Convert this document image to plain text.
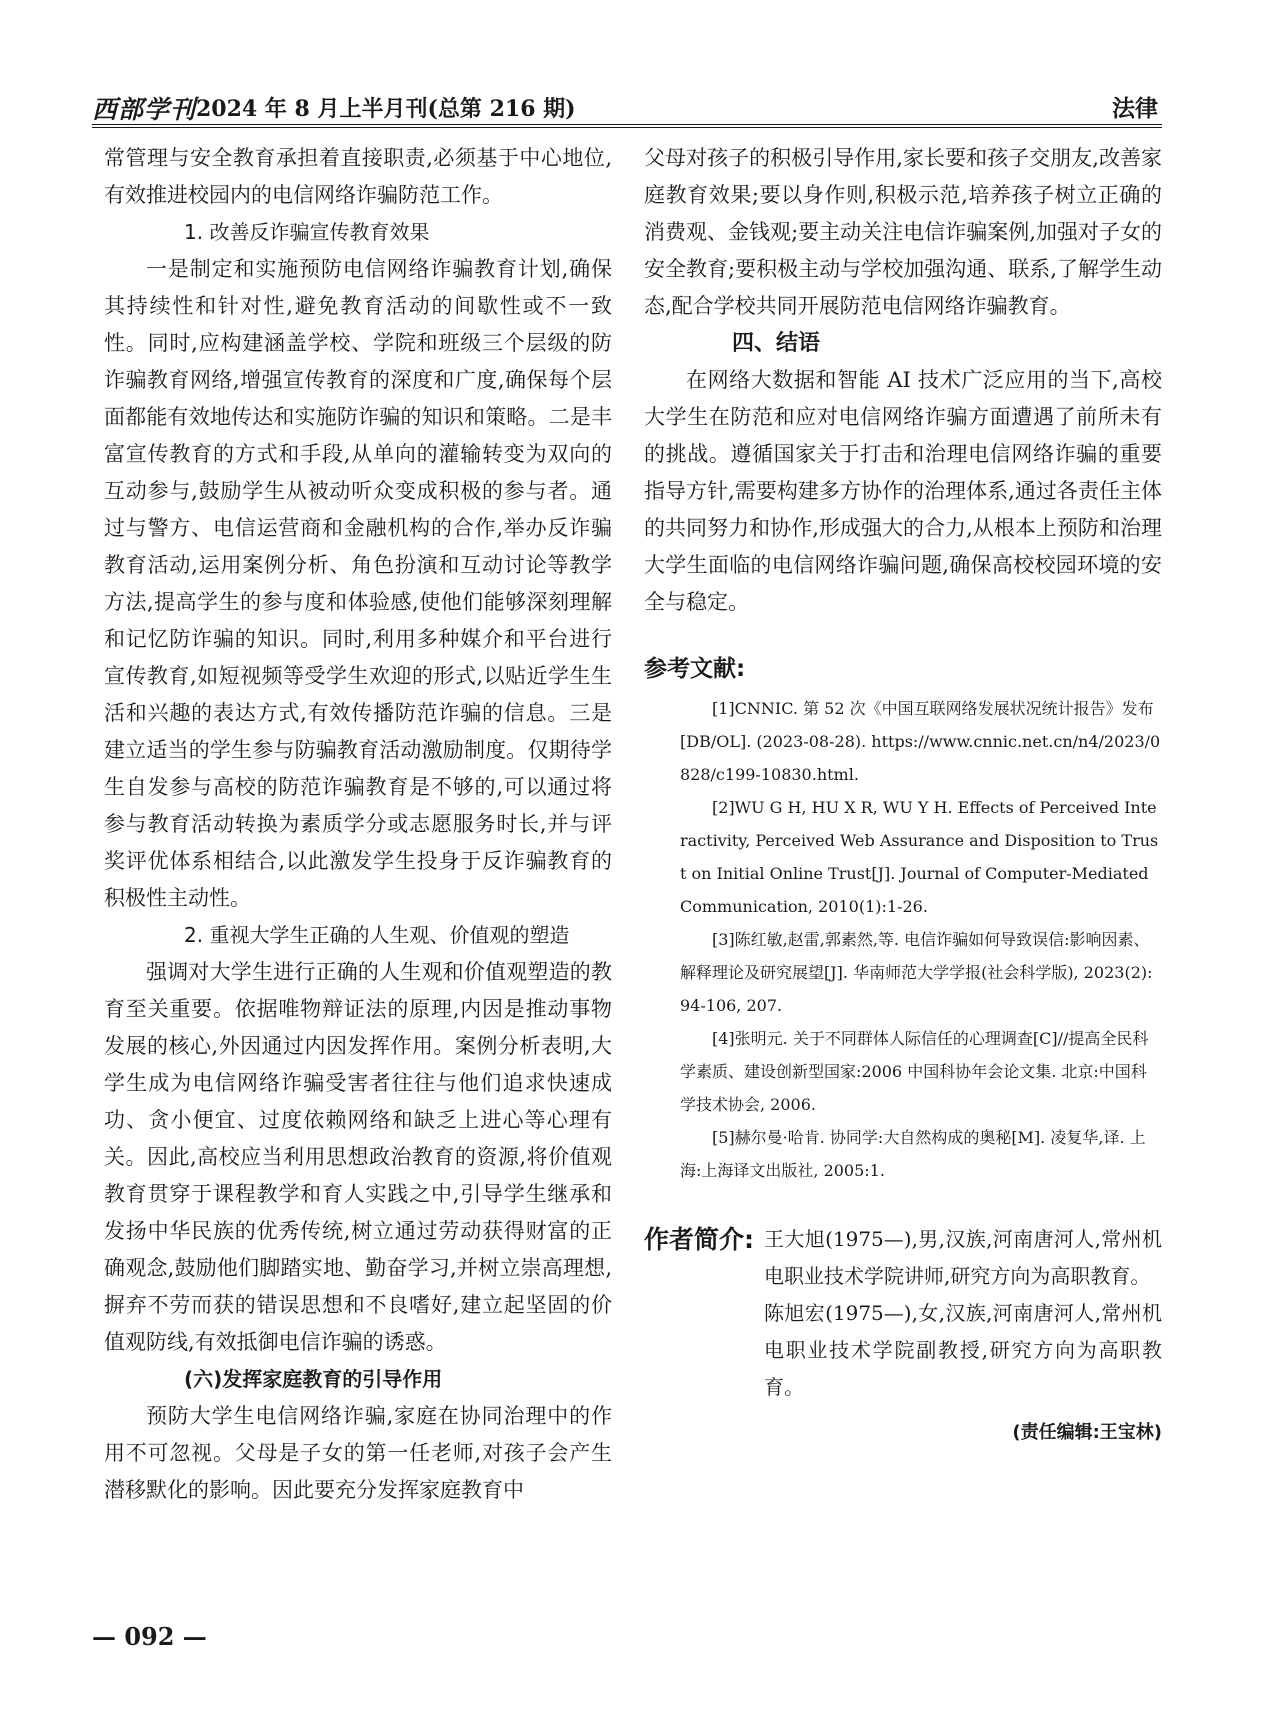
西部学刊 2024 年 8 月上半月刊(总第 216 期)	法律

常管理与安全教育承担着直接职责,必须基于中心地位,有效推进校园内的电信网络诈骗防范工作。

1. 改善反诈骗宣传教育效果

一是制定和实施预防电信网络诈骗教育计划,确保其持续性和针对性,避免教育活动的间歇性或不一致性。同时,应构建涵盖学校、学院和班级三个层级的防诈骗教育网络,增强宣传教育的深度和广度,确保每个层面都能有效地传达和实施防诈骗的知识和策略。二是丰富宣传教育的方式和手段,从单向的灌输转变为双向的互动参与,鼓励学生从被动听众变成积极的参与者。通过与警方、电信运营商和金融机构的合作,举办反诈骗教育活动,运用案例分析、角色扮演和互动讨论等教学方法,提高学生的参与度和体验感,使他们能够深刻理解和记忆防诈骗的知识。同时,利用多种媒介和平台进行宣传教育,如短视频等受学生欢迎的形式,以贴近学生生活和兴趣的表达方式,有效传播防范诈骗的信息。三是建立适当的学生参与防骗教育活动激励制度。仅期待学生自发参与高校的防范诈骗教育是不够的,可以通过将参与教育活动转换为素质学分或志愿服务时长,并与评奖评优体系相结合,以此激发学生投身于反诈骗教育的积极性主动性。

2. 重视大学生正确的人生观、价值观的塑造

强调对大学生进行正确的人生观和价值观塑造的教育至关重要。依据唯物辩证法的原理,内因是推动事物发展的核心,外因通过内因发挥作用。案例分析表明,大学生成为电信网络诈骗受害者往往与他们追求快速成功、贪小便宜、过度依赖网络和缺乏上进心等心理有关。因此,高校应当利用思想政治教育的资源,将价值观教育贯穿于课程教学和育人实践之中,引导学生继承和发扬中华民族的优秀传统,树立通过劳动获得财富的正确观念,鼓励他们脚踏实地、勤奋学习,并树立崇高理想,摒弃不劳而获的错误思想和不良嗜好,建立起坚固的价值观防线,有效抵御电信诈骗的诱惑。

(六)发挥家庭教育的引导作用

预防大学生电信网络诈骗,家庭在协同治理中的作用不可忽视。父母是子女的第一任老师,对孩子会产生潜移默化的影响。因此要充分发挥家庭教育中

父母对孩子的积极引导作用,家长要和孩子交朋友,改善家庭教育效果;要以身作则,积极示范,培养孩子树立正确的消费观、金钱观;要主动关注电信诈骗案例,加强对子女的安全教育;要积极主动与学校加强沟通、联系,了解学生动态,配合学校共同开展防范电信网络诈骗教育。

四、结语

在网络大数据和智能 AI 技术广泛应用的当下,高校大学生在防范和应对电信网络诈骗方面遭遇了前所未有的挑战。遵循国家关于打击和治理电信网络诈骗的重要指导方针,需要构建多方协作的治理体系,通过各责任主体的共同努力和协作,形成强大的合力,从根本上预防和治理大学生面临的电信网络诈骗问题,确保高校校园环境的安全与稳定。

参考文献:

[1]CNNIC. 第 52 次《中国互联网络发展状况统计报告》发布[DB/OL]. (2023-08-28). https://www.cnnic.net.cn/n4/2023/0828/c199-10830.html.

[2]WU G H, HU X R, WU Y H. Effects of Perceived Interactivity, Perceived Web Assurance and Disposition to Trust on Initial Online Trust[J]. Journal of Computer-Mediated Communication, 2010(1):1-26.

[3]陈红敏,赵雷,郭素然,等. 电信诈骗如何导致误信:影响因素、解释理论及研究展望[J]. 华南师范大学学报(社会科学版), 2023(2):94-106, 207.

[4]张明元. 关于不同群体人际信任的心理调查[C]//提高全民科学素质、建设创新型国家:2006 中国科协年会论文集. 北京:中国科学技术协会, 2006.

[5]赫尔曼·哈肯. 协同学:大自然构成的奥秘[M]. 凌复华,译. 上海:上海译文出版社, 2005:1.

作者简介: 王大旭(1975—),男,汉族,河南唐河人,常州机电职业技术学院讲师,研究方向为高职教育。
陈旭宏(1975—),女,汉族,河南唐河人,常州机电职业技术学院副教授,研究方向为高职教育。
(责任编辑:王宝林)
— 092 —
